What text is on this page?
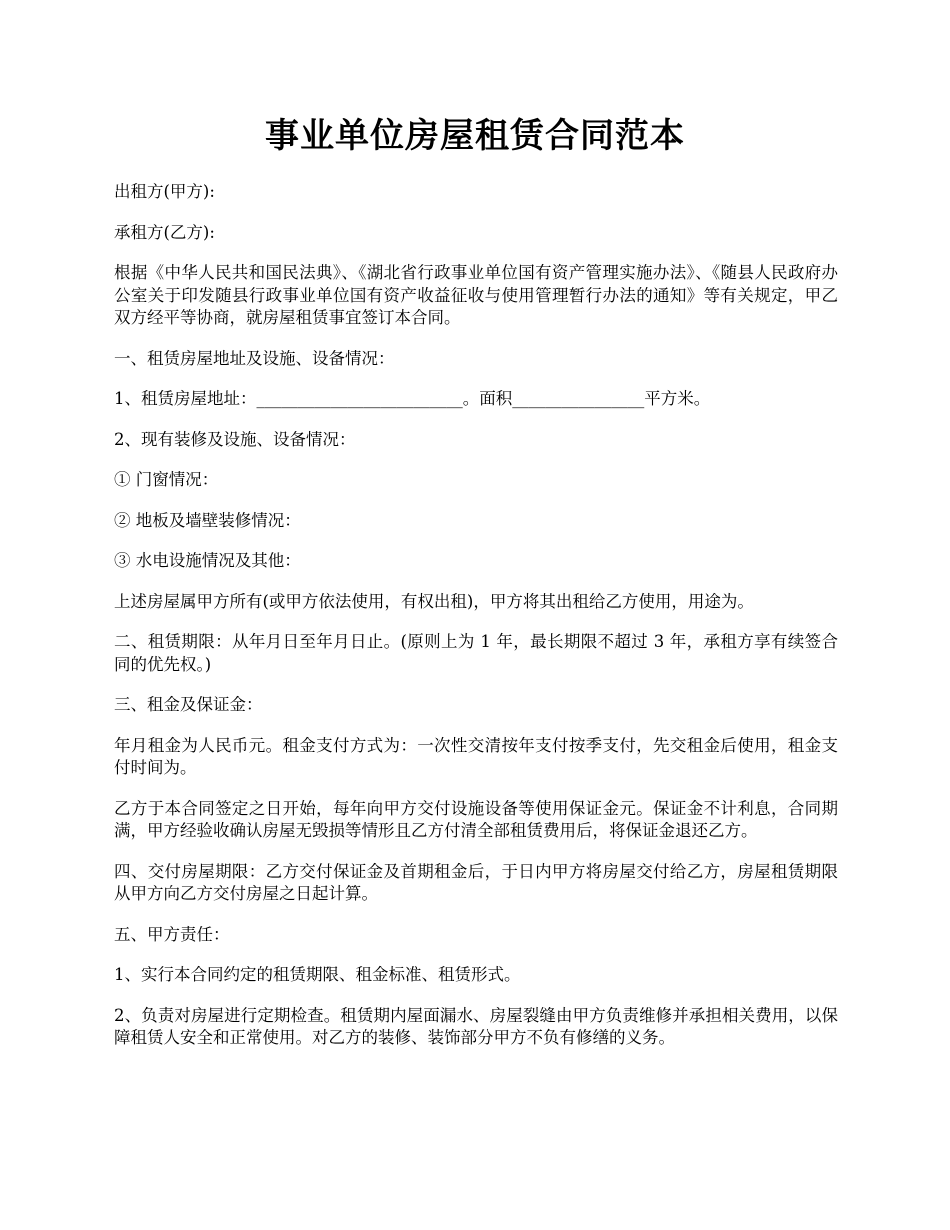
事业单位房屋租赁合同范本

出租方(甲方):

承租方(乙方):

根据《中华人民共和国民法典》、《湖北省行政事业单位国有资产管理实施办法》、《随县人民政府办公室关于印发随县行政事业单位国有资产收益征收与使用管理暂行办法的通知》等有关规定，甲乙双方经平等协商，就房屋租赁事宜签订本合同。

一、租赁房屋地址及设施、设备情况：

1、租赁房屋地址：_________________________。面积________________平方米。

2、现有装修及设施、设备情况：

① 门窗情况：

② 地板及墙壁装修情况：

③ 水电设施情况及其他：

上述房屋属甲方所有(或甲方依法使用，有权出租)，甲方将其出租给乙方使用，用途为。

二、租赁期限：从年月日至年月日止。(原则上为 1 年，最长期限不超过 3 年，承租方享有续签合同的优先权。)

三、租金及保证金：

年月租金为人民币元。租金支付方式为：一次性交清按年支付按季支付，先交租金后使用，租金支付时间为。

乙方于本合同签定之日开始，每年向甲方交付设施设备等使用保证金元。保证金不计利息，合同期满，甲方经验收确认房屋无毁损等情形且乙方付清全部租赁费用后，将保证金退还乙方。

四、交付房屋期限：乙方交付保证金及首期租金后，于日内甲方将房屋交付给乙方，房屋租赁期限从甲方向乙方交付房屋之日起计算。

五、甲方责任：

1、实行本合同约定的租赁期限、租金标准、租赁形式。

2、负责对房屋进行定期检查。租赁期内屋面漏水、房屋裂缝由甲方负责维修并承担相关费用，以保障租赁人安全和正常使用。对乙方的装修、装饰部分甲方不负有修缮的义务。
